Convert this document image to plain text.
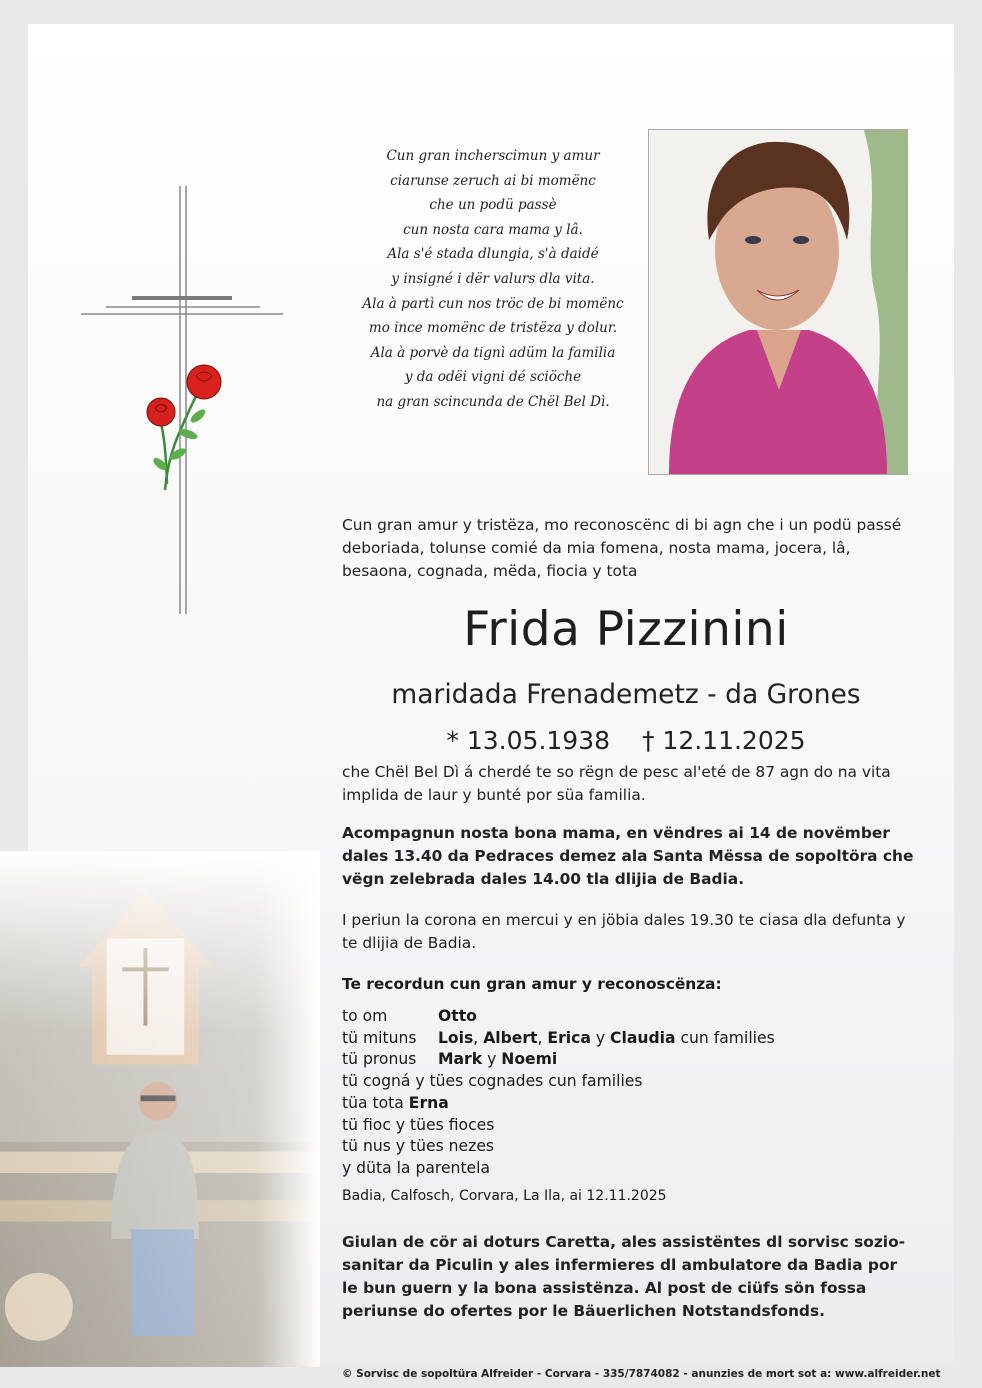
Cun gran incherscimun y amur
ciarunse zeruch ai bi momënc
che un podü passè
cun nosta cara mama y lâ.
Ala s'é stada dlungia, s'à daidé
y insigné i dër valurs dla vita.
Ala à partì cun nos tröc de bi momënc
mo ince momënc de tristëza y dolur.
Ala à porvè da tignì adüm la familia
y da odëi vigni dé sciöche
na gran scincunda de Chël Bel Dì.
Cun gran amur y tristëza, mo reconoscënc di bi agn che i un podü passé deboriada, tolunse comié da mia fomena, nosta mama, jocera, lâ, besaona, cognada, mëda, fiocia y tota
Frida Pizzinini
maridada Frenademetz - da Grones
* 13.05.1938 † 12.11.2025
che Chël Bel Dì á cherdé te so rëgn de pesc al'eté de 87 agn do na vita implida de laur y bunté por süa familia.
Acompagnun nosta bona mama, en vëndres ai 14 de novëmber dales 13.40 da Pedraces demez ala Santa Mëssa de sopoltöra che vëgn zelebrada dales 14.00 tla dlijia de Badia.
I periun la corona en mercui y en jöbia dales 19.30 te ciasa dla defunta y te dlijia de Badia.
Te recordun cun gran amur y reconoscënza:
to om	Otto
tü mituns Lois, Albert, Erica y Claudia cun families
tü pronus Mark y Noemi
tü cogná y tües cognades cun families
tüa tota Erna
tü fioc y tües fioces
tü nus y tües nezes
y düta la parentela
Badia, Calfosch, Corvara, La Ila, ai 12.11.2025
Giulan de cör ai doturs Caretta, ales assistëntes dl sorvisc sozio-sanitar da Piculin y ales infermieres dl ambulatore da Badia por le bun guern y la bona assistënza. Al post de ciüfs sön fossa periunse do ofertes por le Bäuerlichen Notstandsfonds.
© Sorvisc de sopoltüra Alfreider - Corvara - 335/7874082 - anunzies de mort sot a: www.alfreider.net
